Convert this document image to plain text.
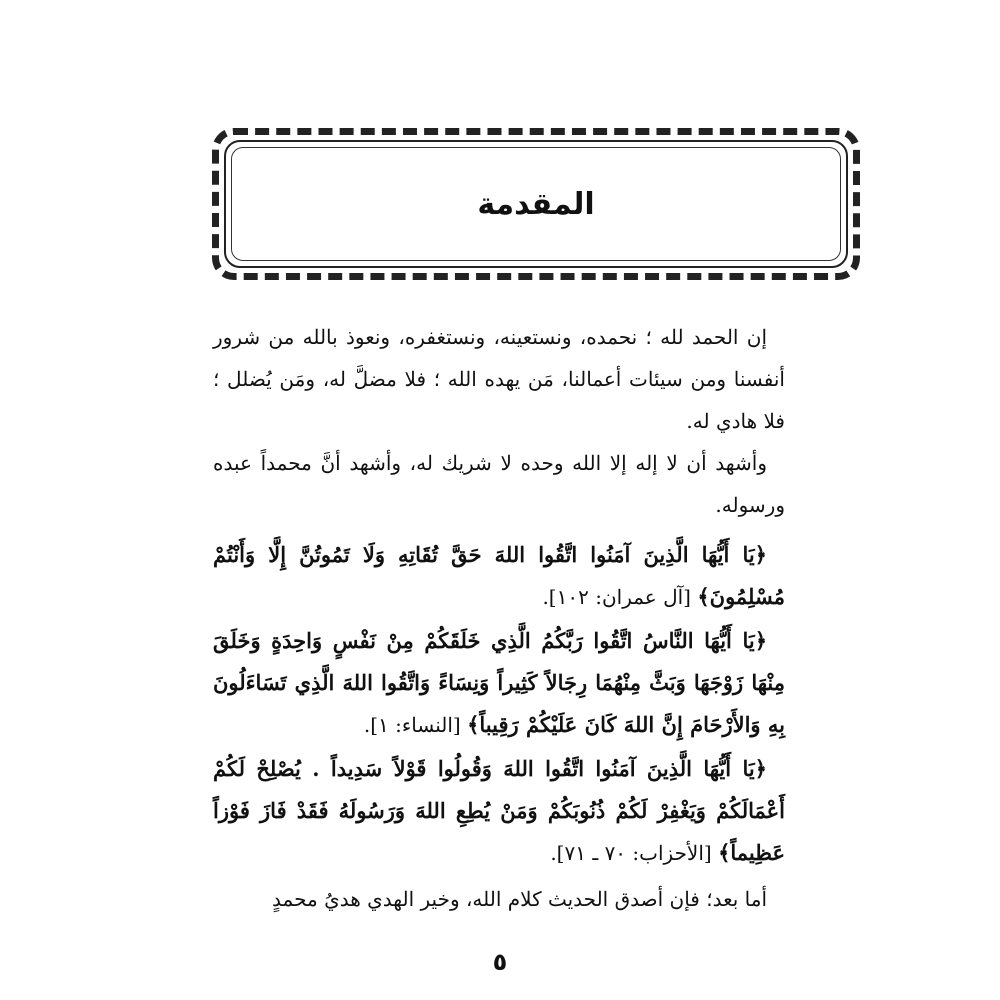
المقدمة

إن الحمد لله ؛ نحمده، ونستعينه، ونستغفره، ونعوذ بالله من شرور أنفسنا ومن سيئات أعمالنا، مَن يهده الله ؛ فلا مضلَّ له، ومَن يُضلل ؛ فلا هادي له.

وأشهد أن لا إله إلا الله وحده لا شريك له، وأشهد أنَّ محمداً عبده ورسوله.

﴿يَا أَيُّهَا الَّذِينَ آمَنُوا اتَّقُوا اللهَ حَقَّ تُقَاتِهِ وَلَا تَمُوتُنَّ إِلَّا وَأَنْتُمْ مُسْلِمُونَ﴾ [آل عمران: ١٠٢].

﴿يَا أَيُّهَا النَّاسُ اتَّقُوا رَبَّكُمُ الَّذِي خَلَقَكُمْ مِنْ نَفْسٍ وَاحِدَةٍ وَخَلَقَ مِنْهَا زَوْجَهَا وَبَثَّ مِنْهُمَا رِجَالاً كَثِيراً وَنِسَاءً وَاتَّقُوا اللهَ الَّذِي تَسَاءَلُونَ بِهِ وَالأَرْحَامَ إِنَّ اللهَ كَانَ عَلَيْكُمْ رَقِيباً﴾ [النساء: ١].

﴿يَا أَيُّهَا الَّذِينَ آمَنُوا اتَّقُوا اللهَ وَقُولُوا قَوْلاً سَدِيداً . يُصْلِحْ لَكُمْ أَعْمَالَكُمْ وَيَغْفِرْ لَكُمْ ذُنُوبَكُمْ وَمَنْ يُطِعِ اللهَ وَرَسُولَهُ فَقَدْ فَازَ فَوْزاً عَظِيماً﴾ [الأحزاب: ٧٠ ـ ٧١].

أما بعد؛ فإن أصدق الحديث كلام الله، وخير الهدي هديُ محمدٍ

٥
